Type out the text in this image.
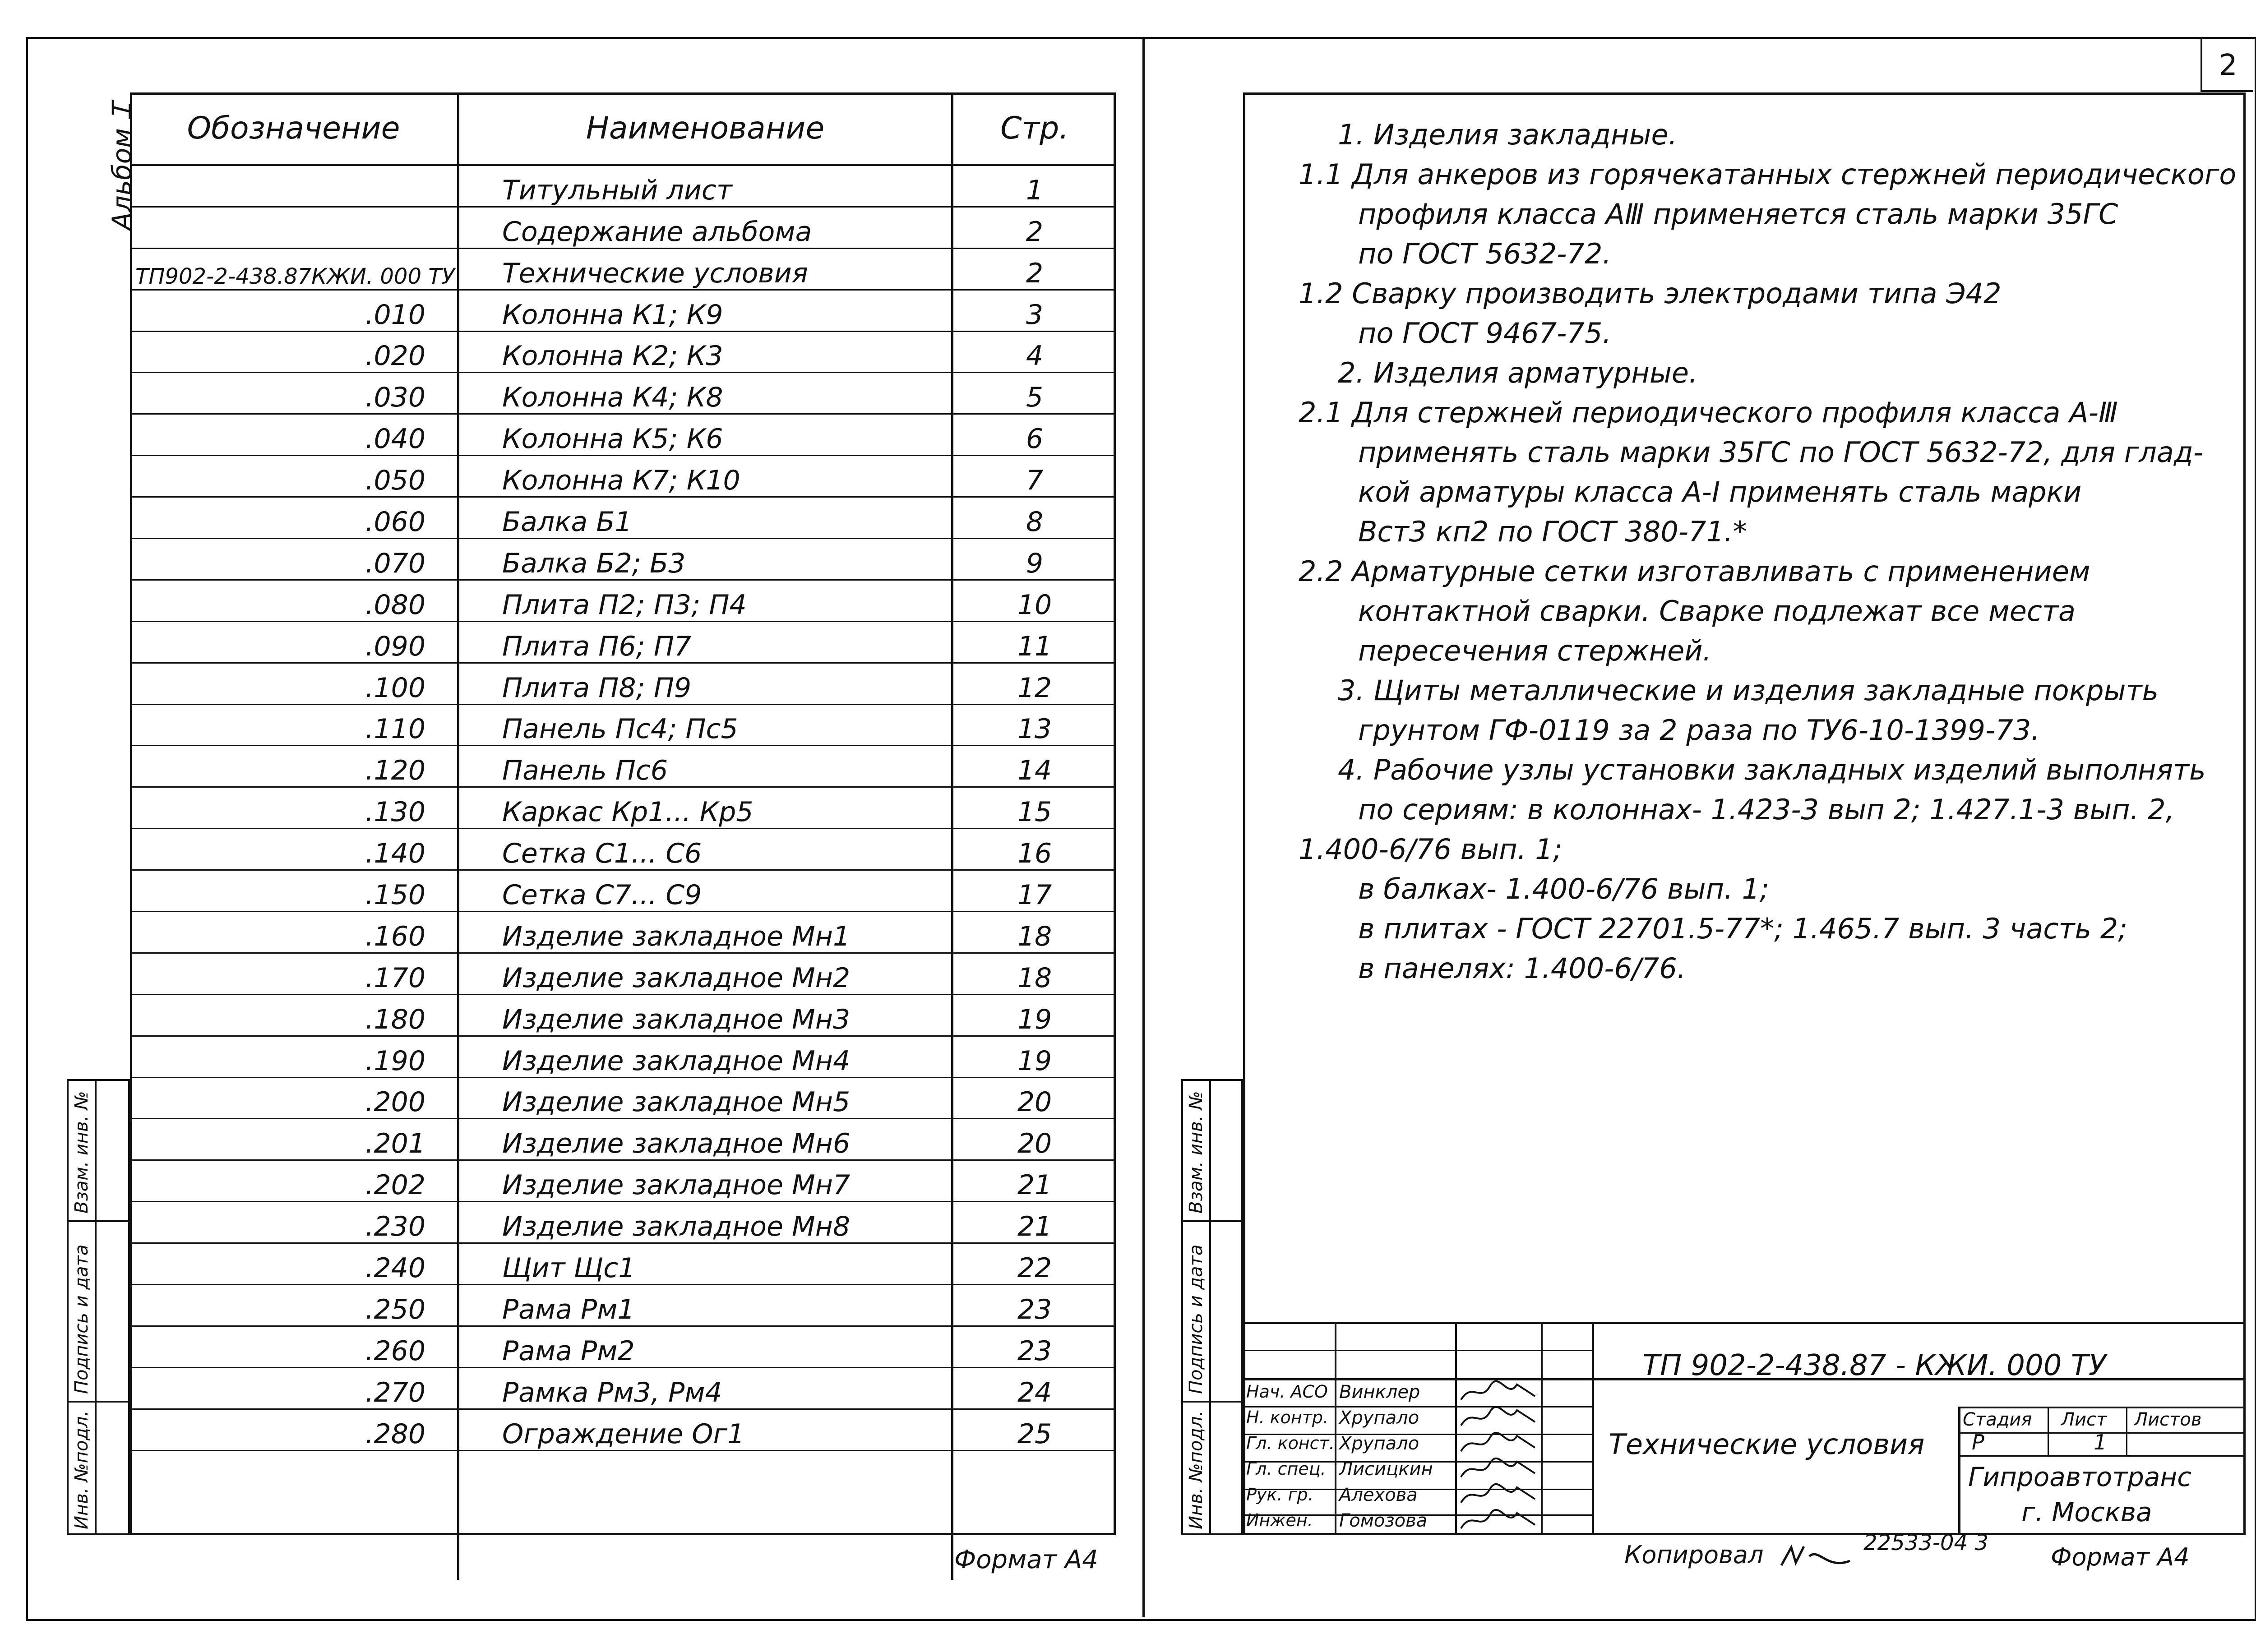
Альбом Ꮖ Обозначение	Наименование	Стр.
	Титульный лист	1
	Содержание альбома	2
ТП902-2-438.87КЖИ. 000 ТУ	Технические условия	2
.010	Колонна К1; К9	3
.020	Колонна К2; К3	4
.030	Колонна К4; К8	5
.040	Колонна К5; К6	6
.050	Колонна К7; К10	7
.060	Балка Б1	8
.070	Балка Б2; Б3	9
.080	Плита П2; П3; П4	10
.090	Плита П6; П7	11
.100	Плита П8; П9	12
.110	Панель Пс4; Пс5	13
.120	Панель Пс6	14
.130	Каркас Кр1... Кр5	15
.140	Сетка С1... С6	16
.150	Сетка С7... С9	17
.160	Изделие закладное Мн1	18
.170	Изделие закладное Мн2	18
.180	Изделие закладное Мн3	19
.190	Изделие закладное Мн4	19
.200	Изделие закладное Мн5	20
.201	Изделие закладное Мн6	20
.202	Изделие закладное Мн7	21
.230	Изделие закладное Мн8	21
.240	Щит Щс1	22
.250	Рама Рм1	23
.260	Рама Рм2	23
.270	Рамка Рм3, Рм4	24
.280	Ограждение Ог1	25

Взам. инв. №
Подпись и дата
Инв. №подл.
Формат А4
2
1. Изделия закладные.
1.1 Для анкеров из горячекатанных стержней периодического
профиля класса АⅢ применяется сталь марки 35ГС
по ГОСТ 5632-72.
1.2 Сварку производить электродами типа Э42
по ГОСТ 9467-75.
2. Изделия арматурные.
2.1 Для стержней периодического профиля класса А-Ⅲ
применять сталь марки 35ГС по ГОСТ 5632-72, для глад-
кой арматуры класса А-I применять сталь марки
Вст3 кп2 по ГОСТ 380-71.*
2.2 Арматурные сетки изготавливать с применением
контактной сварки. Сварке подлежат все места
пересечения стержней.
3. Щиты металлические и изделия закладные покрыть
грунтом ГФ-0119 за 2 раза по ТУ6-10-1399-73.
4. Рабочие узлы установки закладных изделий выполнять
по сериям: в колоннах- 1.423-3 вып 2; 1.427.1-3 вып. 2,
1.400-6/76 вып. 1;
в балках- 1.400-6/76 вып. 1;
в плитах - ГОСТ 22701.5-77*; 1.465.7 вып. 3 часть 2;
в панелях: 1.400-6/76.
Взам. инв. №
Подпись и дата
Инв. №подл.
ТП 902-2-438.87 - КЖИ. 000 ТУ
Технические условия
Стадия Лист Листов
Р	1
Гипроавтотранс
г. Москва
Нач. АСО Винклер
Н. контр. Хрупало
Гл. конст. Хрупало
Гл. спец. Лисицкин
Рук. гр. Алехова
Инжен. Гомозова
Копировал	22533-04 3	Формат А4
